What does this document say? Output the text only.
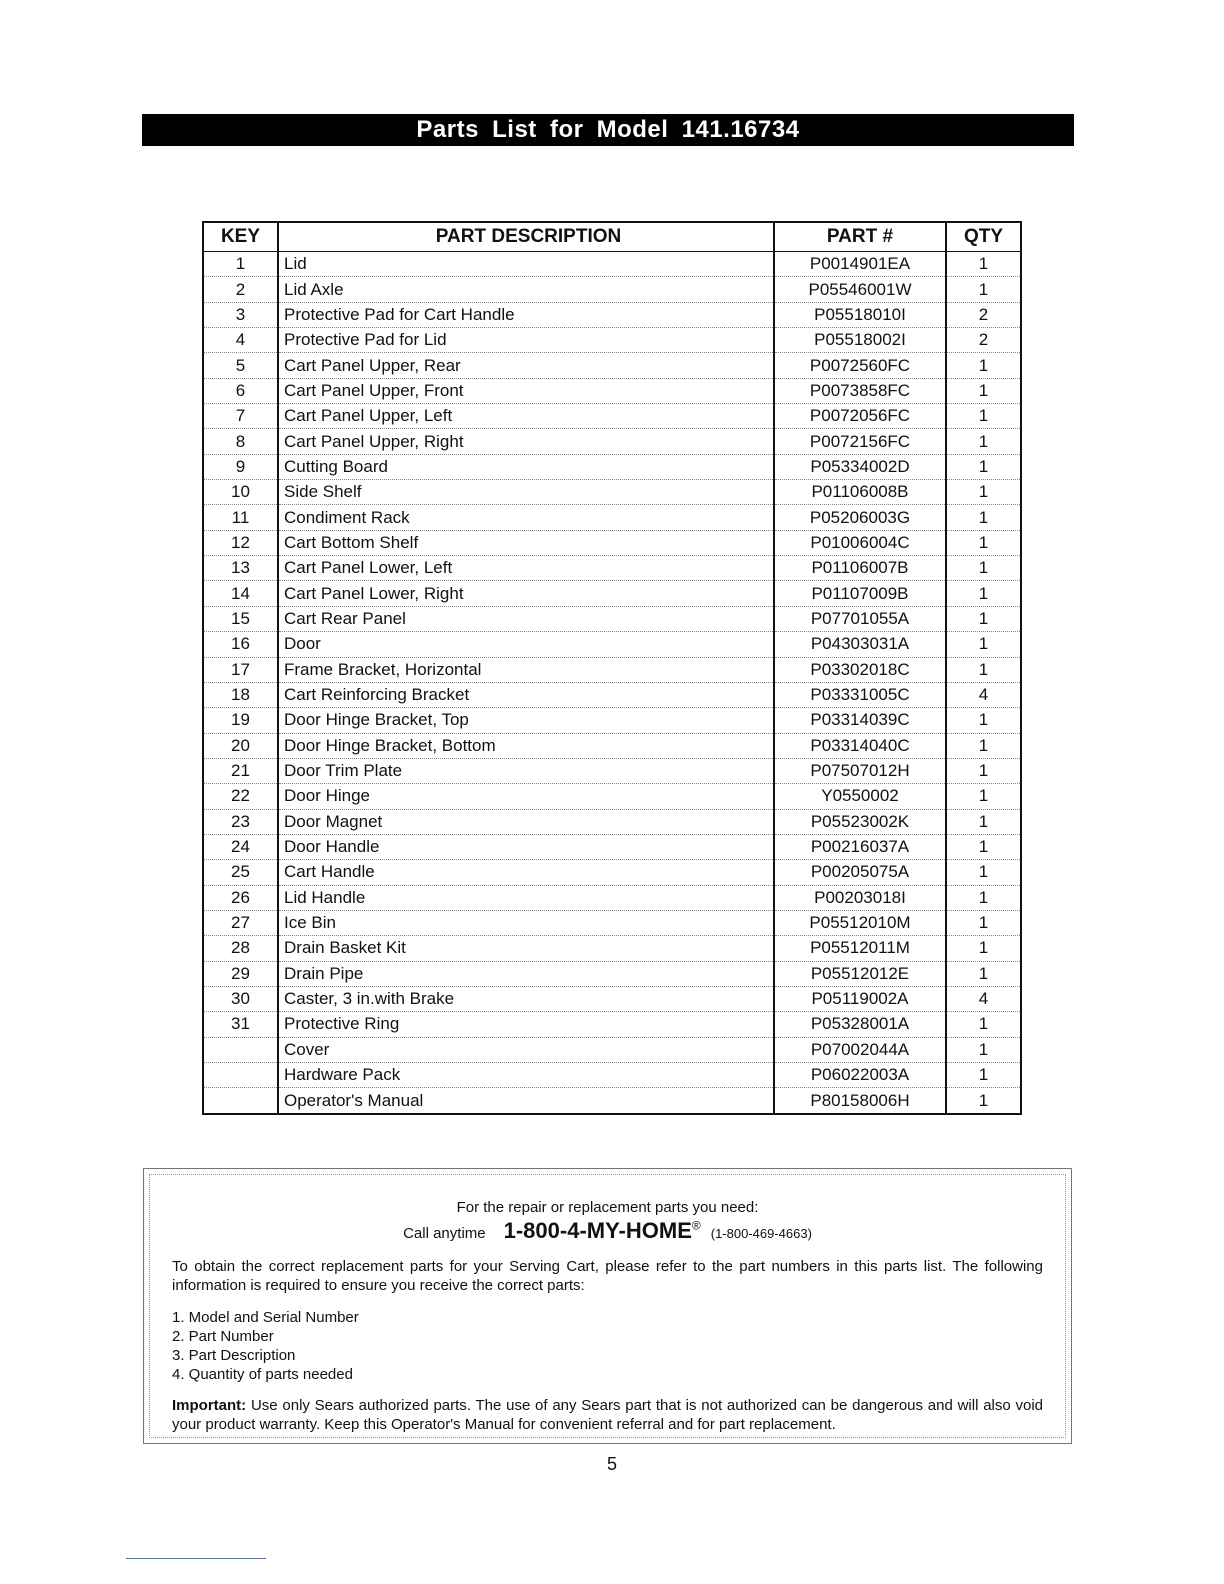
Parts List for Model 141.16734
KEY	PART DESCRIPTION	PART #	QTY
1	Lid	P0014901EA	1
2	Lid Axle	P05546001W	1
3	Protective Pad for Cart Handle	P05518010I	2
4	Protective Pad for Lid	P05518002I	2
5	Cart Panel Upper, Rear	P0072560FC	1
6	Cart Panel Upper, Front	P0073858FC	1
7	Cart Panel Upper, Left	P0072056FC	1
8	Cart Panel Upper, Right	P0072156FC	1
9	Cutting Board	P05334002D	1
10	Side Shelf	P01106008B	1
11	Condiment Rack	P05206003G	1
12	Cart Bottom Shelf	P01006004C	1
13	Cart Panel Lower, Left	P01106007B	1
14	Cart Panel Lower, Right	P01107009B	1
15	Cart Rear Panel	P07701055A	1
16	Door	P04303031A	1
17	Frame Bracket, Horizontal	P03302018C	1
18	Cart Reinforcing Bracket	P03331005C	4
19	Door Hinge Bracket, Top	P03314039C	1
20	Door Hinge Bracket, Bottom	P03314040C	1
21	Door Trim Plate	P07507012H	1
22	Door Hinge	Y0550002	1
23	Door Magnet	P05523002K	1
24	Door Handle	P00216037A	1
25	Cart Handle	P00205075A	1
26	Lid Handle	P00203018I	1
27	Ice Bin	P05512010M	1
28	Drain Basket Kit	P05512011M	1
29	Drain Pipe	P05512012E	1
30	Caster, 3 in.with Brake	P05119002A	4
31	Protective Ring	P05328001A	1
	Cover	P07002044A	1
	Hardware Pack	P06022003A	1
	Operator's Manual	P80158006H	1
For the repair or replacement parts you need:
Call anytime 1-800-4-MY-HOME®(1-800-469-4663)
To obtain the correct replacement parts for your Serving Cart, please refer to the part numbers in this parts list. The following information is required to ensure you receive the correct parts:
1. Model and Serial Number
2. Part Number
3. Part Description
4. Quantity of parts needed
Important: Use only Sears authorized parts. The use of any Sears part that is not authorized can be dangerous and will also void your product warranty. Keep this Operator's Manual for convenient referral and for part replacement.
5
